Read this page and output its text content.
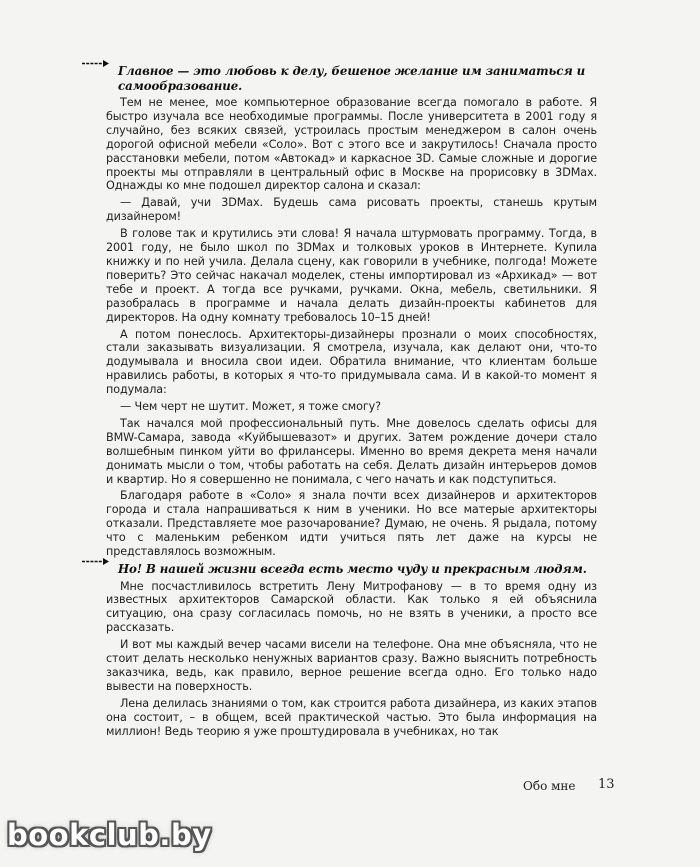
Главное — это любовь к делу, бешеное желание им заниматься и самообразование.

Тем не менее, мое компьютерное образование всегда помогало в работе. Я быстро изучала все необходимые программы. После университета в 2001 году я случайно, без всяких связей, устроилась простым менеджером в салон очень дорогой офисной мебели «Соло». Вот с этого все и закрутилось! Сначала просто расстановки мебели, потом «Автокад» и каркасное 3D. Самые сложные и дорогие проекты мы отправляли в центральный офис в Москве на прорисовку в 3DMax. Однажды ко мне подошел директор салона и сказал:

— Давай, учи 3DMax. Будешь сама рисовать проекты, станешь крутым дизайнером!

В голове так и крутились эти слова! Я начала штурмовать программу. Тогда, в 2001 году, не было школ по 3DMax и толковых уроков в Интернете. Купила книжку и по ней учила. Делала сцену, как говорили в учебнике, полгода! Можете поверить? Это сейчас накачал моделек, стены импортировал из «Архикад» — вот тебе и проект. А тогда все ручками, ручками. Окна, мебель, светильники. Я разобралась в программе и начала делать дизайн-проекты кабинетов для директоров. На одну комнату требовалось 10–15 дней!

А потом понеслось. Архитекторы-дизайнеры прознали о моих способностях, стали заказывать визуализации. Я смотрела, изучала, как делают они, что-то додумывала и вносила свои идеи. Обратила внимание, что клиентам больше нравились работы, в которых я что-то придумывала сама. И в какой-то момент я подумала:

— Чем черт не шутит. Может, я тоже смогу?

Так начался мой профессиональный путь. Мне довелось сделать офисы для BMW-Самара, завода «Куйбышевазот» и других. Затем рождение дочери стало волшебным пинком уйти во фрилансеры. Именно во время декрета меня начали донимать мысли о том, чтобы работать на себя. Делать дизайн интерьеров домов и квартир. Но я совершенно не понимала, с чего начать и как подступиться.

Благодаря работе в «Соло» я знала почти всех дизайнеров и архитекторов города и стала напрашиваться к ним в ученики. Но все матерые архитекторы отказали. Представляете мое разочарование? Думаю, не очень. Я рыдала, потому что с маленьким ребенком идти учиться пять лет даже на курсы не представлялось возможным.

Но! В нашей жизни всегда есть место чуду и прекрасным людям.

Мне посчастливилось встретить Лену Митрофанову — в то время одну из известных архитекторов Самарской области. Как только я ей объяснила ситуацию, она сразу согласилась помочь, но не взять в ученики, а просто все рассказать.

И вот мы каждый вечер часами висели на телефоне. Она мне объясняла, что не стоит делать несколько ненужных вариантов сразу. Важно выяснить потребность заказчика, ведь, как правило, верное решение всегда одно. Его только надо вывести на поверхность.

Лена делилась знаниями о том, как строится работа дизайнера, из каких этапов она состоит, – в общем, всей практической частью. Это была информация на миллион! Ведь теорию я уже проштудировала в учебниках, но так

Обо мне 13
bookclub.by
